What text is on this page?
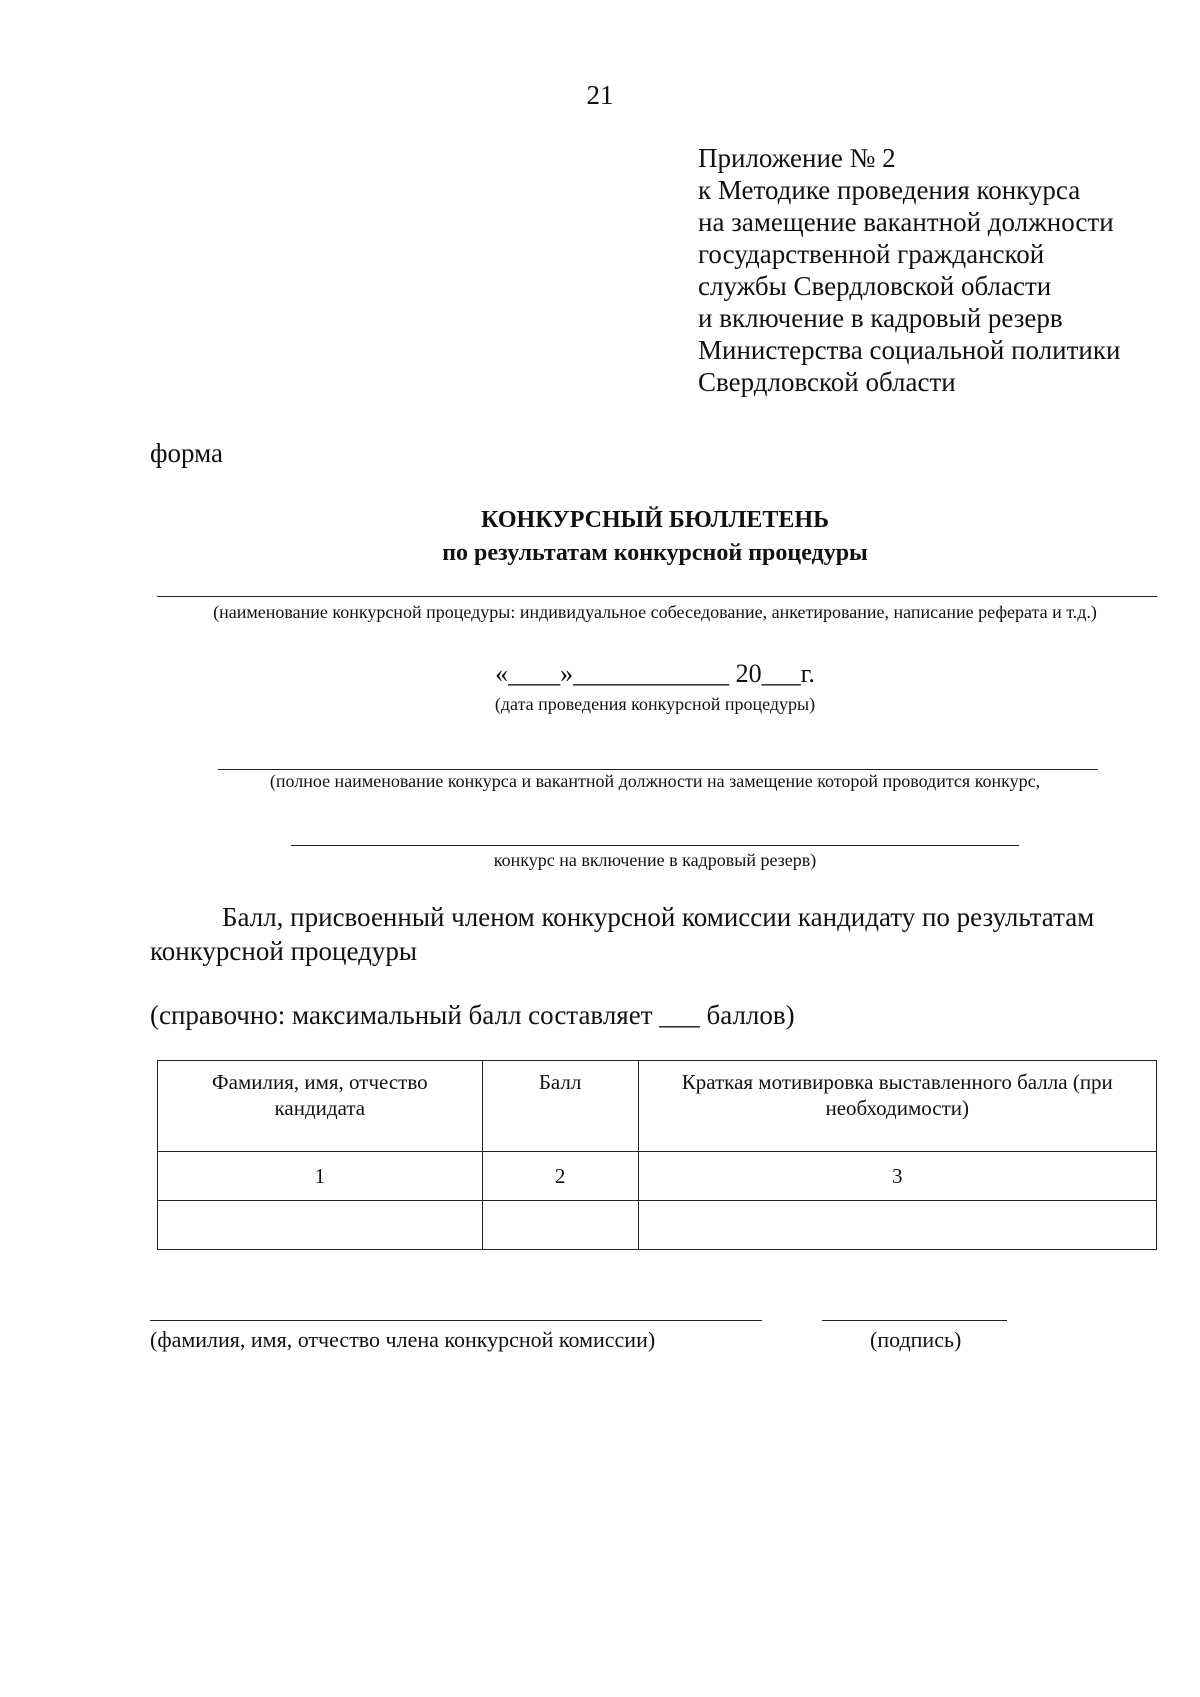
21
Приложение № 2
к Методике проведения конкурса
на замещение вакантной должности
государственной гражданской
службы Свердловской области
и включение в кадровый резерв
Министерства социальной политики
Свердловской области
форма
КОНКУРСНЫЙ БЮЛЛЕТЕНЬ
по результатам конкурсной процедуры
(наименование конкурсной процедуры: индивидуальное собеседование, анкетирование, написание реферата и т.д.)
«____»____________ 20___г.
(дата проведения конкурсной процедуры)
(полное наименование конкурса и вакантной должности на замещение которой проводится конкурс,
конкурс на включение в кадровый резерв)
Балл, присвоенный членом конкурсной комиссии кандидату по результатам конкурсной процедуры
(справочно: максимальный балл составляет ___ баллов)
Фамилия, имя, отчество кандидата	Балл	Краткая мотивировка выставленного балла (при необходимости)
1	2	3

(фамилия, имя, отчество члена конкурсной комиссии)	(подпись)
